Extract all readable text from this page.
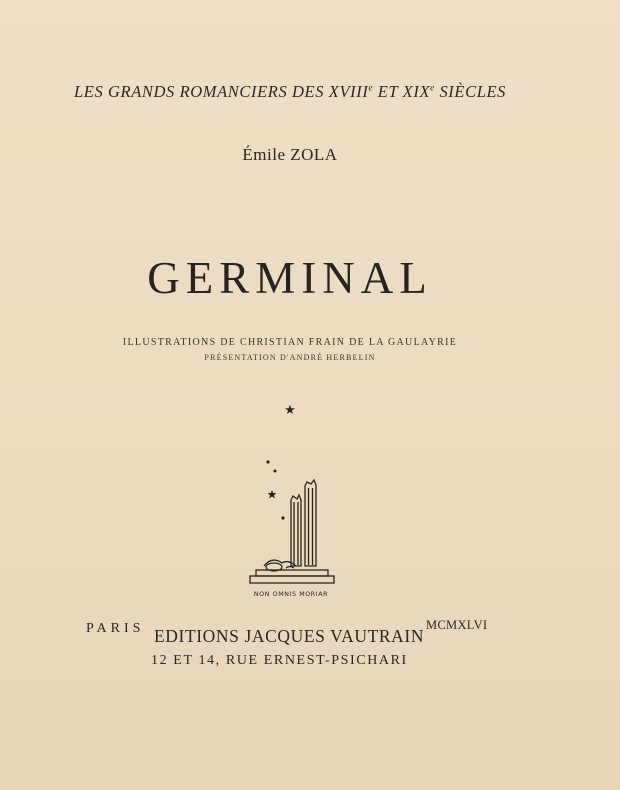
LES GRANDS ROMANCIERS DES XVIIIe ET XIXe SIÈCLES
Émile ZOLA
GERMINAL
ILLUSTRATIONS DE CHRISTIAN FRAIN DE LA GAULAYRIE
PRÉSENTATION D'ANDRÉ HERBELIN
★
NON OMNIS MORIAR
PARIS EDITIONS JACQUES VAUTRAIN
MCMXLVI
12 ET 14, RUE ERNEST-PSICHARI
